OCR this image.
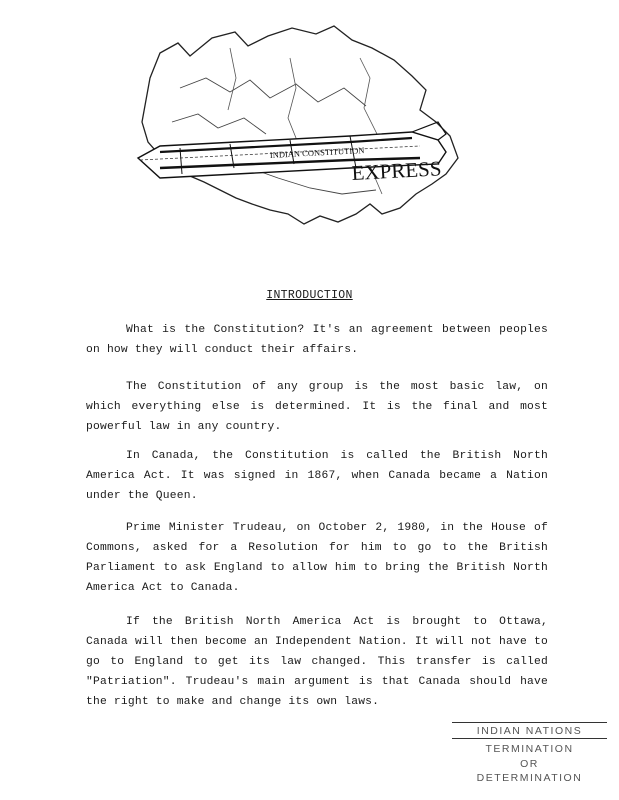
INDIAN CONSTITUTION
EXPRESS
INTRODUCTION
What is the Constitution? It's an agreement between peoples on how they will conduct their affairs.
The Constitution of any group is the most basic law, on which everything else is determined. It is the final and most powerful law in any country.
In Canada, the Constitution is called the British North America Act. It was signed in 1867, when Canada became a Nation under the Queen.
Prime Minister Trudeau, on October 2, 1980, in the House of Commons, asked for a Resolution for him to go to the British Parliament to ask England to allow him to bring the British North America Act to Canada.
If the British North America Act is brought to Ottawa, Canada will then become an Independent Nation. It will not have to go to England to get its law changed. This transfer is called "Patriation". Trudeau's main argument is that Canada should have the right to make and change its own laws.
INDIAN NATIONS
TERMINATION
OR
DETERMINATION
